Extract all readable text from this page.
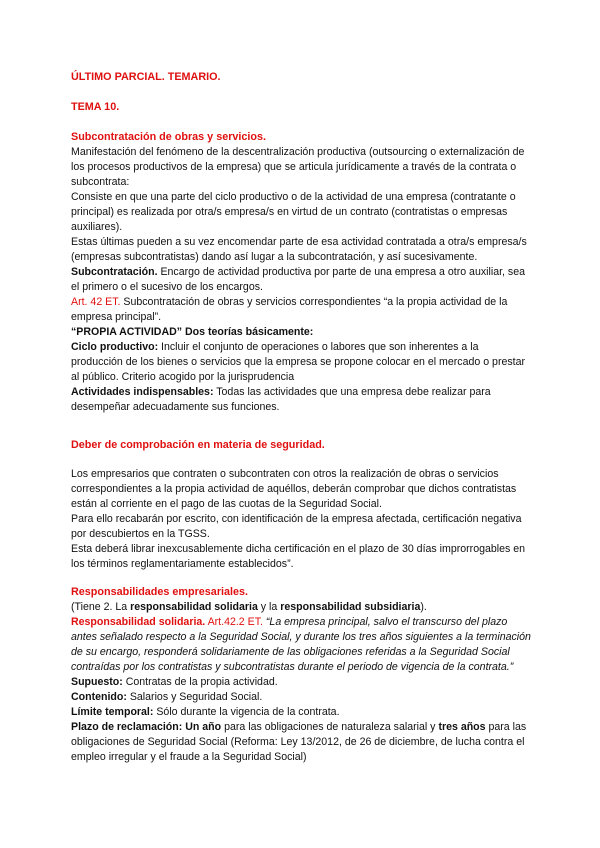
ÚLTIMO PARCIAL. TEMARIO.
TEMA 10.

Subcontratación de obras y servicios.

Manifestación del fenómeno de la descentralización productiva (outsourcing o externalización de los procesos productivos de la empresa) que se articula jurídicamente a través de la contrata o subcontrata:

Consiste en que una parte del ciclo productivo o de la actividad de una empresa (contratante o principal) es realizada por otra/s empresa/s en virtud de un contrato (contratistas o empresas auxiliares).

Estas últimas pueden a su vez encomendar parte de esa actividad contratada a otra/s empresa/s (empresas subcontratistas) dando así lugar a la subcontratación, y así sucesivamente.

Subcontratación. Encargo de actividad productiva por parte de una empresa a otro auxiliar, sea el primero o el sucesivo de los encargos.

Art. 42 ET. Subcontratación de obras y servicios correspondientes “a la propia actividad de la empresa principal”.

“PROPIA ACTIVIDAD” Dos teorías básicamente:

Ciclo productivo: Incluir el conjunto de operaciones o labores que son inherentes a la producción de los bienes o servicios que la empresa se propone colocar en el mercado o prestar al público. Criterio acogido por la jurisprudencia

Actividades indispensables: Todas las actividades que una empresa debe realizar para desempeñar adecuadamente sus funciones.

Deber de comprobación en materia de seguridad.

Los empresarios que contraten o subcontraten con otros la realización de obras o servicios correspondientes a la propia actividad de aquéllos, deberán comprobar que dichos contratistas están al corriente en el pago de las cuotas de la Seguridad Social.

Para ello recabarán por escrito, con identificación de la empresa afectada, certificación negativa por descubiertos en la TGSS.

Esta deberá librar inexcusablemente dicha certificación en el plazo de 30 días improrrogables en los términos reglamentariamente establecidos”.

Responsabilidades empresariales.

(Tiene 2. La responsabilidad solidaria y la responsabilidad subsidiaria).

Responsabilidad solidaria. Art.42.2 ET. “La empresa principal, salvo el transcurso del plazo antes señalado respecto a la Seguridad Social, y durante los tres años siguientes a la terminación de su encargo, responderá solidariamente de las obligaciones referidas a la Seguridad Social contraídas por los contratistas y subcontratistas durante el periodo de vigencia de la contrata.”

Supuesto: Contratas de la propia actividad.

Contenido: Salarios y Seguridad Social.

Límite temporal: Sólo durante la vigencia de la contrata.

Plazo de reclamación: Un año para las obligaciones de naturaleza salarial y tres años para las obligaciones de Seguridad Social (Reforma: Ley 13/2012, de 26 de diciembre, de lucha contra el empleo irregular y el fraude a la Seguridad Social)
